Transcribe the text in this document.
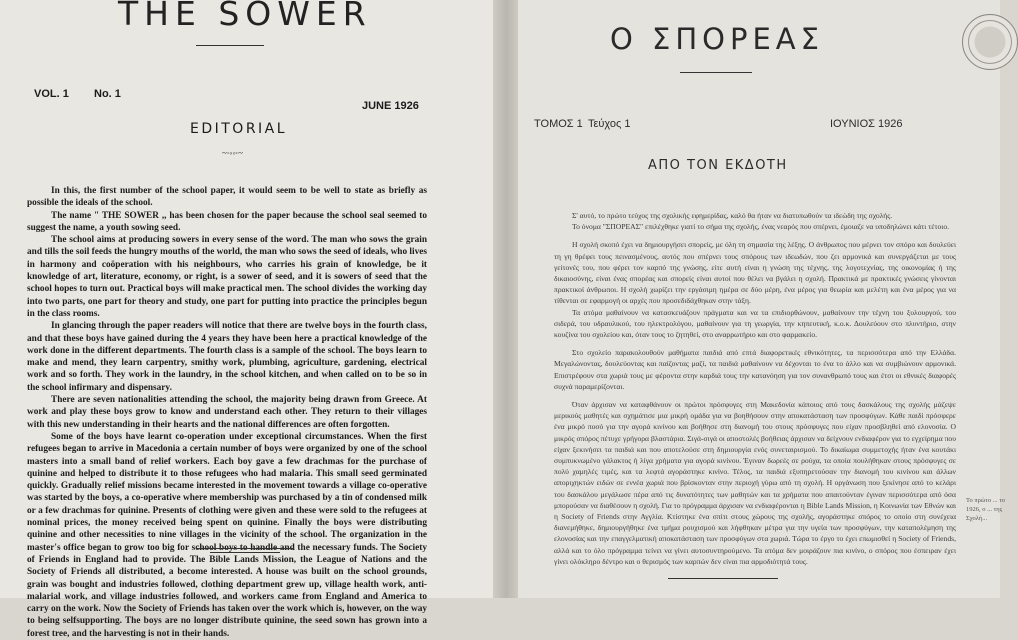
THE SOWER
VOL. 1 No. 1
JUNE 1926
EDITORIAL
~⸱◦◦⸱~

In this, the first number of the school paper, it would seem to be well to state as briefly as possible the ideals of the school.

The name " THE SOWER ,, has been chosen for the paper because the school seal seemed to suggest the name, a youth sowing seed.

The school aims at producing sowers in every sense of the word. The man who sows the grain and tills the soil feeds the hungry mouths of the world, the man who sows the seed of ideals, who lives in harmony and coöperation with his neighbours, who carries his grain of knowledge, be it knowledge of art, literature, economy, or right, is a sower of seed, and it is sowers of seed that the school hopes to turn out. Practical boys will make practical men. The school divides the working day into two parts, one part for theory and study, one part for putting into practice the principles begun in the class rooms.

In glancing through the paper readers will notice that there are twelve boys in the fourth class, and that these boys have gained during the 4 years they have been here a practical knowledge of the work done in the different departments. The fourth class is a sample of the school. The boys learn to make and mend, they learn carpentry, smithy work, plumbing, agriculture, gardening, electrical work and so forth. They work in the laundry, in the school kitchen, and when called on to be so in the school infirmary and dispensary.

There are seven nationalities attending the school, the majority being drawn from Greece. At work and play these boys grow to know and understand each other. They return to their villages with this new understanding in their hearts and the national differences are often forgotten.

Some of the boys have learnt co-operation under exceptional circumstances. When the first refugees began to arrive in Macedonia a certain number of boys were organized by one of the school masters into a small band of relief workers. Each boy gave a few drachmas for the purchase of quinine and helped to distribute it to those refugees who had malaria. This small seed germinated quickly. Gradually relief missions became interested in the movement towards a village co-operative was started by the boys, a co-operative where membership was purchased by a tin of condensed milk or a few drachmas for quinine. Presents of clothing were given and these were sold to the refugees at nominal prices, the money received being spent on quinine. Finally the boys were distributing quinine and other necessities to nine villages in the vicinity of the school. The organization in the master's office began to grow too big for school boys to handle and the necessary funds. The Society of Friends in England had to provide. The Bible Lands Mission, the League of Nations and the Society of Friends all distributed, a become interested. A house was built on the school grounds, grain was bought and industries followed, clothing department grew up, village health work, anti-malarial work, and village industries followed, and workers came from England and America to carry on the work. Now the Society of Friends has taken over the work which is, however, on the way to being selfsupporting. The boys are no longer distribute quinine, the seed sown has grown into a forest tree, and the harvesting is not in their hands.

Ο ΣΠΟΡΕΑΣ
ΤΟΜΟΣ 1 Τεύχος 1	ΙΟΥΝΙΟΣ 1926
ΑΠΟ ΤΟΝ ΕΚΔΟΤΗ

Σ' αυτό, το πρώτο τεύχος της σχολικής εφημερίδας, καλό θα ήταν να διατυπωθούν τα ιδεώδη της σχολής.

Το όνομα "ΣΠΟΡΕΑΣ" επιλέχθηκε γιατί το σήμα της σχολής, ένας νεαρός που σπέρνει, έμοιαζε να υποδηλώνει κάτι τέτοιο.

Η σχολή σκοπό έχει να δημιουργήσει σπορείς, με όλη τη σημασία της λέξης. Ο άνθρωπος που μέρνει τον σπόρο και δουλεύει τη γη θρέφει τους πεινασμένους, αυτός που σπέρνει τους σπόρους των ιδεωδών, που ζει αρμονικά και συνεργάζεται με τους γείτονές του, που φέρει τον καρπό της γνώσης, είτε αυτή είναι η γνώση της τέχνης, της λογοτεχνίας, της οικονομίας ή της δικαιοσύνης, είναι ένας σπορέας και σπορείς είναι αυτοί που θέλει να βγάλει η σχολή. Πρακτικά με πρακτικές γνώσεις γίνονται πρακτικοί άνθρωποι. Η σχολή χωρίζει την εργάσιμη ημέρα σε δύο μέρη, ένα μέρος για θεωρία και μελέτη και ένα μέρος για να τίθενται σε εφαρμογή οι αρχές που προσεδιδάχθηκαν στην τάξη.

Τα ατόμα μαθαίνουν να κατασκευάζουν πράγματα και να τα επιδιορθώνουν, μαθαίνουν την τέχνη του ξυλουργού, του σιδερά, του υδραυλικού, του ηλεκτρολόγου, μαθαίνουν για τη γεωργία, την κηπευτική, κ.ο.κ. Δουλεύουν στο πλυντήριο, στην κουζίνα του σχολείου και, όταν τους το ζητηθεί, στο αναρρωτήριο και στο φαρμακείο.

Στο σχολείο παρακολουθούν μαθήματα παιδιά από επτά διαφορετικές εθνικότητες, τα περισσότερα από την Ελλάδα. Μεγαλώνοντας, δουλεύοντας και παίζοντας μαζί, τα παιδιά μαθαίνουν να δέχονται το ένα το άλλο και να συμβιώνουν αρμονικά. Επιστρέφουν στα χωριά τους με φέροντα στην καρδιά τους την κατανόηση για τον συνανθρωπό τους και έτσι οι εθνικές διαφορές συχνά παραμερίζονται.

Όταν άρχισαν να καταφθάνουν οι πρώτοι πρόσφυγες στη Μακεδονία κάποιος από τους δασκάλους της σχολής μάζεψε μερικούς μαθητές και σχημάτισε μια μικρή ομάδα για να βοηθήσουν στην αποκατάσταση των προσφύγων. Κάθε παιδί πρόσφερε ένα μικρό ποσό για την αγορά κινίνου και βοήθησε στη διανομή του στους πρόσφυγες που είχαν προσβληθεί από ελονοσία. Ο μικρός σπόρος πέτυχε γρήγορα βλαστάρια. Σιγά-σιγά οι αποστολές βοήθειας άρχισαν να δείχνουν ενδιαφέρον για το εγχείρημα που είχαν ξεκινήσει τα παιδιά και που αποτελούσε στη δημιουργία ενός συνεταιρισμού. Το δικαίωμα συμμετοχής ήταν ένα κουτάκι συμπυκνωμένο γάλακτος ή λίγα χρήματα για αγορά κινίνου. Έγιναν δωρεές σε ρούχα, τα οποία πουλήθηκαν στους πρόσφυγες σε πολύ χαμηλές τιμές, και τα λεφτά αγοράστηκε κινίνο. Τέλος, τα παιδιά εξυπηρετούσαν την διανομή του κινίνου και άλλων αποριχηκτών ειδών σε εννέα χωριά που βρίσκονταν στην περιοχή γύρω από τη σχολή. Η οργάνωση που ξεκίνησε από το κελάρι του δασκάλου μεγάλωσε πέρα από τις δυνατότητες των μαθητών και τα χρήματα που απαιτούνταν έγιναν περισσότερα από όσα μπορούσαν να διαθέσουν η σχολή. Για το πρόγραμμα άρχισαν να ενδιαφέρονται η Bible Lands Mission, η Κοινωνία των Εθνών και η Society of Friends στην Αγγλία. Κτίστηκε ένα σπίτι στους χώρους της σχολής, αγοράστηκε σπόρος το οποίο στη συνέχεια διανεμήθηκε, δημιουργήθηκε ένα τμήμα ρουχισμού και λήφθηκαν μέτρα για την υγεία των προσφύγων, την καταπολέμηση της ελονοσίας και την επαγγελματική αποκατάσταση των προσφύγων στα χωριά. Τώρα το έργο το έχει επωμισθεί η Society of Friends, αλλά και το όλο πρόγραμμα τείνει να γίνει αυτοσυντηρούμενο. Τα ατόμα δεν μοιράζουν πια κινίνο, ο σπόρος που έσπειραν έχει γίνει ολόκληρο δέντρο και ο θερισμός των καρπών δεν είναι πια αρμοδιότητά τους.

Το πρώτο ... το 1926, ο ... της Σχολή...
